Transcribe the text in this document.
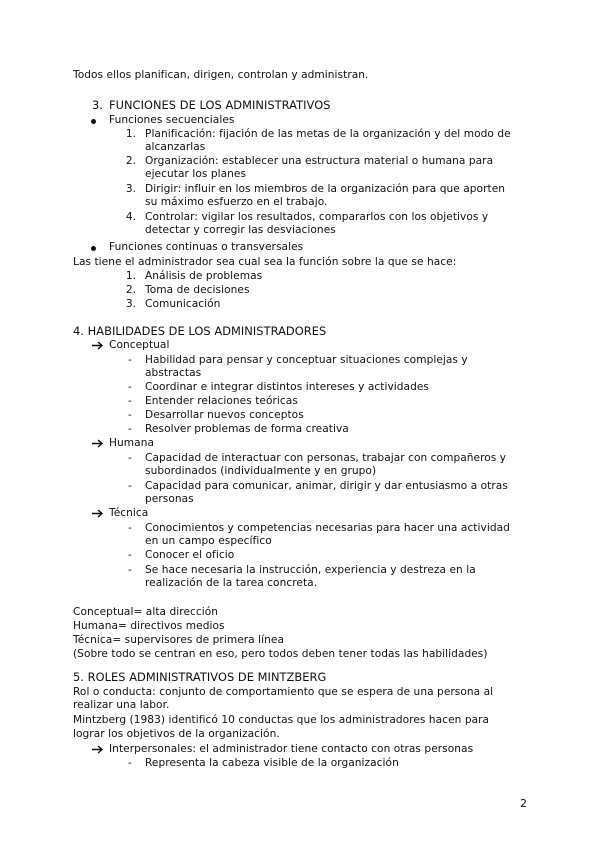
Todos ellos planifican, dirigen, controlan y administran.
3. FUNCIONES DE LOS ADMINISTRATIVOS
Funciones secuenciales
1. Planificación: fijación de las metas de la organización y del modo de
alcanzarlas
2. Organización: establecer una estructura material o humana para
ejecutar los planes
3. Dirigir: influir en los miembros de la organización para que aporten
su máximo esfuerzo en el trabajo.
4. Controlar: vigilar los resultados, compararlos con los objetivos y
detectar y corregir las desviaciones
Funciones continuas o transversales
Las tiene el administrador sea cual sea la función sobre la que se hace:
1. Análisis de problemas
2. Toma de decisiones
3. Comunicación
4. HABILIDADES DE LOS ADMINISTRADORES
Conceptual
- Habilidad para pensar y conceptuar situaciones complejas y
abstractas
- Coordinar e integrar distintos intereses y actividades
- Entender relaciones teóricas
- Desarrollar nuevos conceptos
- Resolver problemas de forma creativa
Humana
- Capacidad de interactuar con personas, trabajar con compañeros y
subordinados (individualmente y en grupo)
- Capacidad para comunicar, animar, dirigir y dar entusiasmo a otras
personas
Técnica
- Conocimientos y competencias necesarias para hacer una actividad
en un campo específico
- Conocer el oficio
- Se hace necesaria la instrucción, experiencia y destreza en la
realización de la tarea concreta.
Conceptual= alta dirección
Humana= directivos medios
Técnica= supervisores de primera línea
(Sobre todo se centran en eso, pero todos deben tener todas las habilidades)
5. ROLES ADMINISTRATIVOS DE MINTZBERG
Rol o conducta: conjunto de comportamiento que se espera de una persona al
realizar una labor.
Mintzberg (1983) identificó 10 conductas que los administradores hacen para
lograr los objetivos de la organización.
Interpersonales: el administrador tiene contacto con otras personas
- Representa la cabeza visible de la organización
2
